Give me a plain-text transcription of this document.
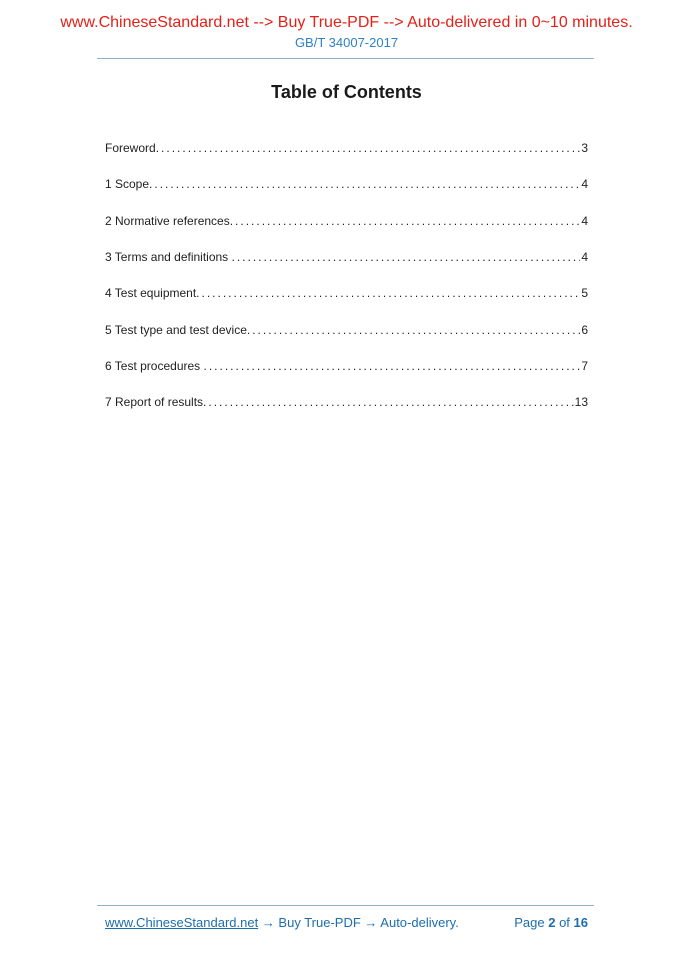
www.ChineseStandard.net --> Buy True-PDF --> Auto-delivered in 0~10 minutes.
GB/T 34007-2017
Table of Contents
Foreword .....	3
1 Scope .....	4
2 Normative references .....	4
3 Terms and definitions .....	4
4 Test equipment .....	5
5 Test type and test device .....	6
6 Test procedures .....	7
7 Report of results .....	13
www.ChineseStandard.net → Buy True-PDF → Auto-delivery.	Page 2 of 16
